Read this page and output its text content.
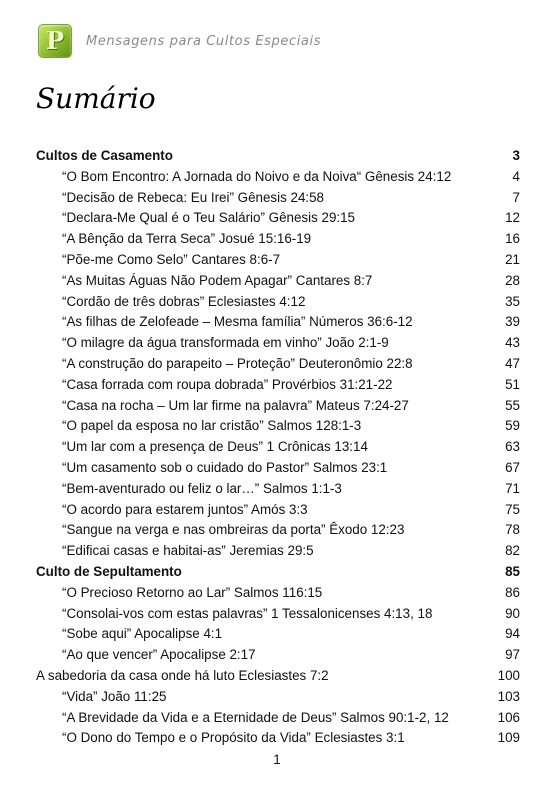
P Mensagens para Cultos Especiais
Sumário
Cultos de Casamento	3
“O Bom Encontro: A Jornada do Noivo e da Noiva“ Gênesis 24:12	4
“Decisão de Rebeca: Eu Irei” Gênesis 24:58	7
“Declara-Me Qual é o Teu Salário” Gênesis 29:15	12
“A Bênção da Terra Seca” Josué 15:16-19	16
“Põe-me Como Selo” Cantares 8:6-7	21
“As Muitas Águas Não Podem Apagar” Cantares 8:7	28
“Cordão de três dobras” Eclesiastes 4:12	35
“As filhas de Zelofeade – Mesma família” Números 36:6-12	39
“O milagre da água transformada em vinho” João 2:1-9	43
“A construção do parapeito – Proteção” Deuteronômio 22:8	47
“Casa forrada com roupa dobrada” Provérbios 31:21-22	51
“Casa na rocha – Um lar firme na palavra” Mateus 7:24-27	55
“O papel da esposa no lar cristão” Salmos 128:1-3	59
“Um lar com a presença de Deus” 1 Crônicas 13:14	63
“Um casamento sob o cuidado do Pastor” Salmos 23:1	67
“Bem-aventurado ou feliz o lar…” Salmos 1:1-3	71
“O acordo para estarem juntos” Amós 3:3	75
“Sangue na verga e nas ombreiras da porta” Êxodo 12:23	78
“Edificai casas e habitai-as” Jeremias 29:5	82
Culto de Sepultamento	85
“O Precioso Retorno ao Lar” Salmos 116:15	86
“Consolai-vos com estas palavras” 1 Tessalonicenses 4:13, 18	90
“Sobe aqui” Apocalipse 4:1	94
“Ao que vencer” Apocalipse 2:17	97
A sabedoria da casa onde há luto Eclesiastes 7:2	100
“Vida” João 11:25	103
“A Brevidade da Vida e a Eternidade de Deus” Salmos 90:1-2, 12	106
“O Dono do Tempo e o Propósito da Vida” Eclesiastes 3:1	109
1
